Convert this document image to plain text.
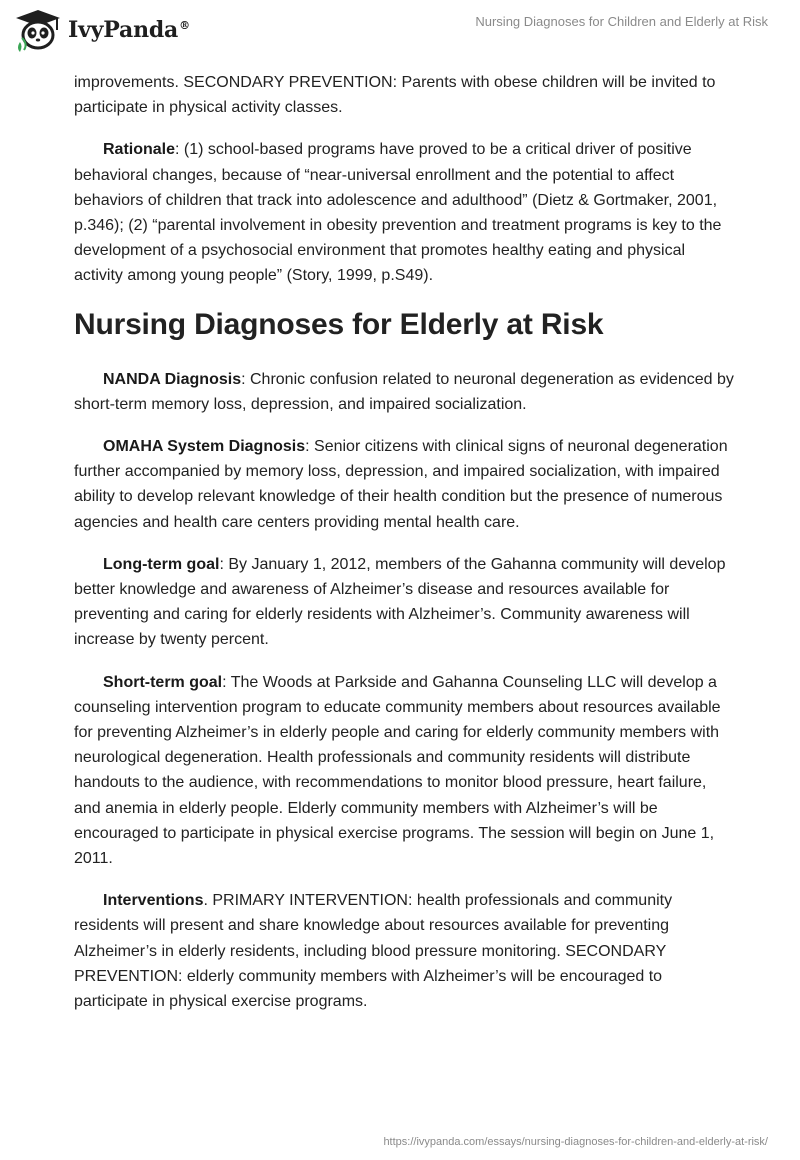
IvyPanda®	Nursing Diagnoses for Children and Elderly at Risk

improvements. SECONDARY PREVENTION: Parents with obese children will be invited to participate in physical activity classes.

Rationale: (1) school-based programs have proved to be a critical driver of positive behavioral changes, because of “near-universal enrollment and the potential to affect behaviors of children that track into adolescence and adulthood” (Dietz & Gortmaker, 2001, p.346); (2) “parental involvement in obesity prevention and treatment programs is key to the development of a psychosocial environment that promotes healthy eating and physical activity among young people” (Story, 1999, p.S49).

Nursing Diagnoses for Elderly at Risk

NANDA Diagnosis: Chronic confusion related to neuronal degeneration as evidenced by short-term memory loss, depression, and impaired socialization.

OMAHA System Diagnosis: Senior citizens with clinical signs of neuronal degeneration further accompanied by memory loss, depression, and impaired socialization, with impaired ability to develop relevant knowledge of their health condition but the presence of numerous agencies and health care centers providing mental health care.

Long-term goal: By January 1, 2012, members of the Gahanna community will develop better knowledge and awareness of Alzheimer’s disease and resources available for preventing and caring for elderly residents with Alzheimer’s. Community awareness will increase by twenty percent.

Short-term goal: The Woods at Parkside and Gahanna Counseling LLC will develop a counseling intervention program to educate community members about resources available for preventing Alzheimer’s in elderly people and caring for elderly community members with neurological degeneration. Health professionals and community residents will distribute handouts to the audience, with recommendations to monitor blood pressure, heart failure, and anemia in elderly people. Elderly community members with Alzheimer’s will be encouraged to participate in physical exercise programs. The session will begin on June 1, 2011.

Interventions. PRIMARY INTERVENTION: health professionals and community residents will present and share knowledge about resources available for preventing Alzheimer’s in elderly residents, including blood pressure monitoring. SECONDARY PREVENTION: elderly community members with Alzheimer’s will be encouraged to participate in physical exercise programs.

https://ivypanda.com/essays/nursing-diagnoses-for-children-and-elderly-at-risk/
